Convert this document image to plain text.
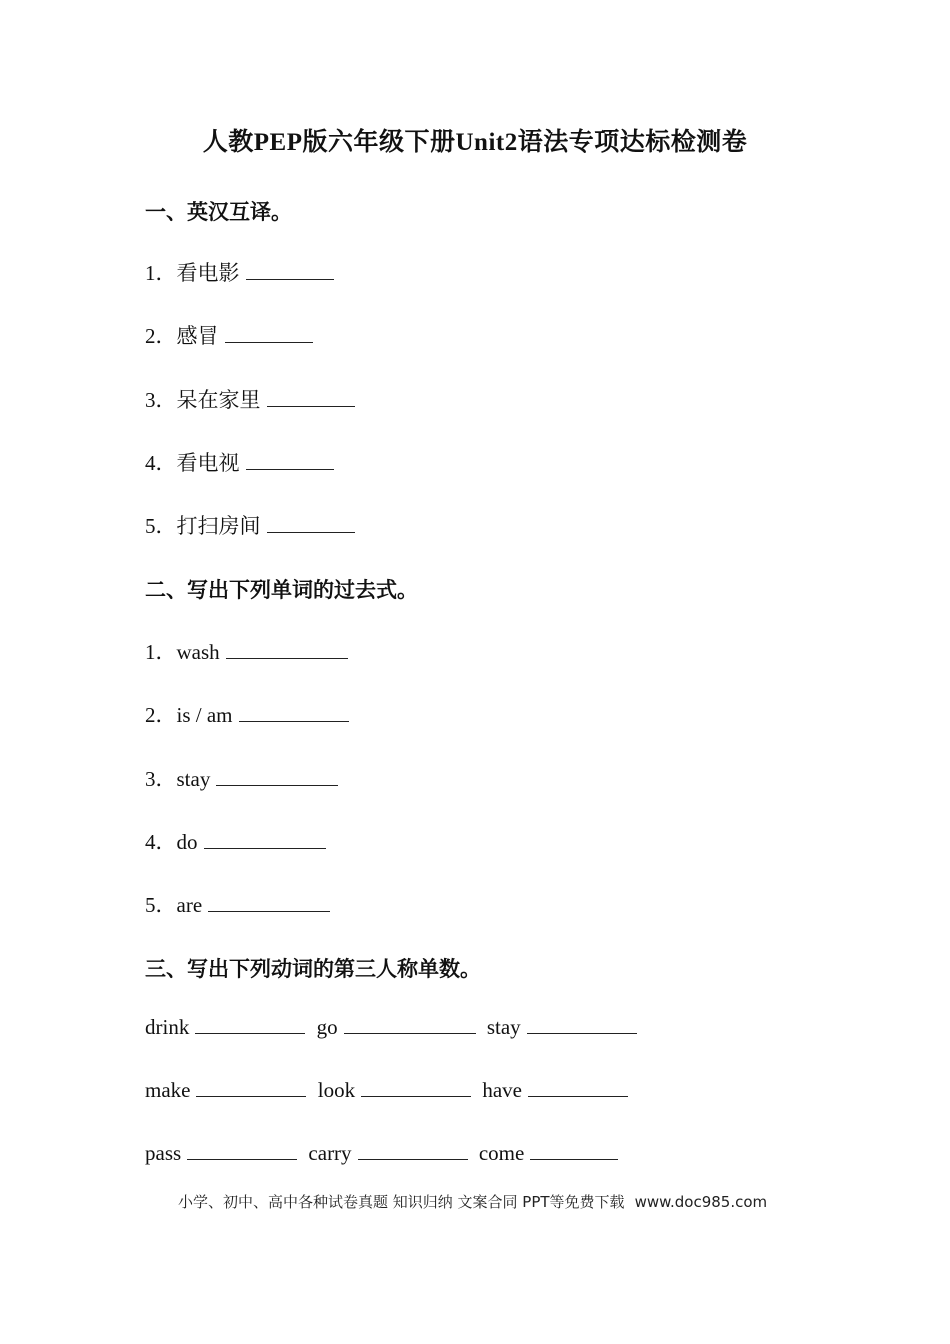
人教PEP版六年级下册Unit2语法专项达标检测卷
一、英汉互译。
1．看电影
2．感冒
3．呆在家里
4．看电视
5．打扫房间
二、写出下列单词的过去式。
1．wash
2．is / am
3．stay
4．do
5．are
三、写出下列动词的第三人称单数。
drink	go	stay
make	look	have
pass	carry	come
小学、初中、高中各种试卷真题 知识归纳 文案合同 PPT等免费下载 www.doc985.com
